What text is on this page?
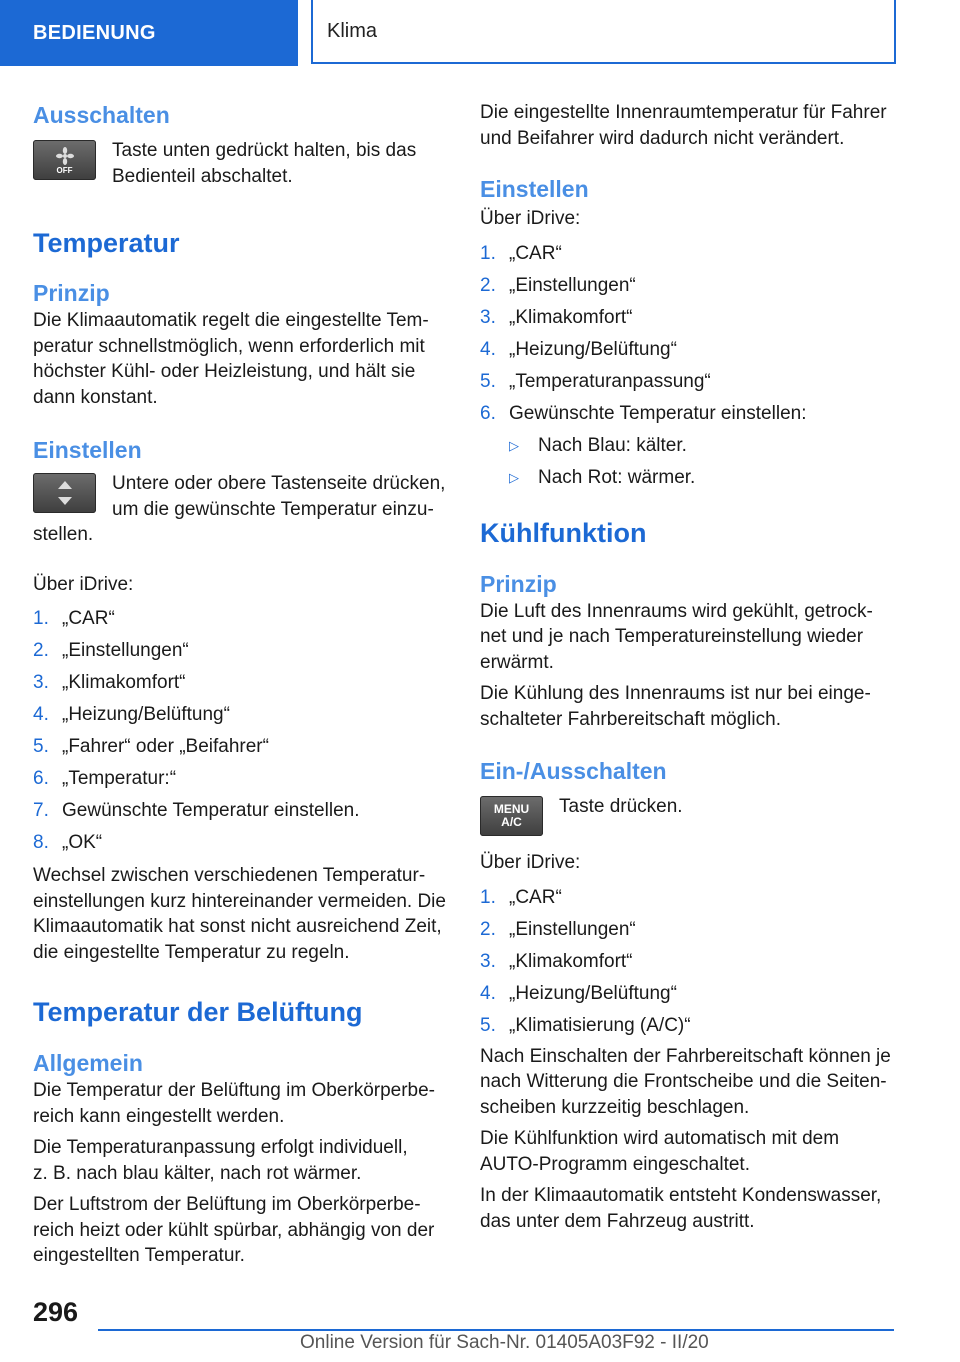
BEDIENUNG	Klima
Ausschalten
OFF

Taste unten gedrückt halten, bis das

Bedienteil abschaltet.

Temperatur
Prinzip

Die Klimaautomatik regelt die eingestellte Tem-

peratur schnellstmöglich, wenn erforderlich mit

höchster Kühl- oder Heizleistung, und hält sie

dann konstant.

Einstellen

Untere oder obere Tastenseite drücken,

um die gewünschte Temperatur einzu-

stellen.

Über iDrive:

1. „CAR“
2. „Einstellungen“
3. „Klimakomfort“
4. „Heizung/Belüftung“
5. „Fahrer“ oder „Beifahrer“
6. „Temperatur:“
7. Gewünschte Temperatur einstellen.
8. „OK“

Wechsel zwischen verschiedenen Temperatur-

einstellungen kurz hintereinander vermeiden. Die

Klimaautomatik hat sonst nicht ausreichend Zeit,

die eingestellte Temperatur zu regeln.

Temperatur der Belüftung
Allgemein

Die Temperatur der Belüftung im Oberkörperbe-

reich kann eingestellt werden.

Die Temperaturanpassung erfolgt individuell,

z. B. nach blau kälter, nach rot wärmer.

Der Luftstrom der Belüftung im Oberkörperbe-

reich heizt oder kühlt spürbar, abhängig von der

eingestellten Temperatur.

Die eingestellte Innenraumtemperatur für Fahrer

und Beifahrer wird dadurch nicht verändert.

Einstellen

Über iDrive:

1. „CAR“
2. „Einstellungen“
3. „Klimakomfort“
4. „Heizung/Belüftung“
5. „Temperaturanpassung“
6. Gewünschte Temperatur einstellen:
▷	Nach Blau: kälter.
▷	Nach Rot: wärmer.
Kühlfunktion
Prinzip

Die Luft des Innenraums wird gekühlt, getrock-

net und je nach Temperatureinstellung wieder

erwärmt.

Die Kühlung des Innenraums ist nur bei einge-

schalteter Fahrbereitschaft möglich.

Ein-/Ausschalten
MENU
A/C

Taste drücken.

Über iDrive:

1. „CAR“
2. „Einstellungen“
3. „Klimakomfort“
4. „Heizung/Belüftung“
5. „Klimatisierung (A/C)“

Nach Einschalten der Fahrbereitschaft können je

nach Witterung die Frontscheibe und die Seiten-

scheiben kurzzeitig beschlagen.

Die Kühlfunktion wird automatisch mit dem

AUTO-Programm eingeschaltet.

In der Klimaautomatik entsteht Kondenswasser,

das unter dem Fahrzeug austritt.

296
Online Version für Sach-Nr. 01405A03F92 - II/20
